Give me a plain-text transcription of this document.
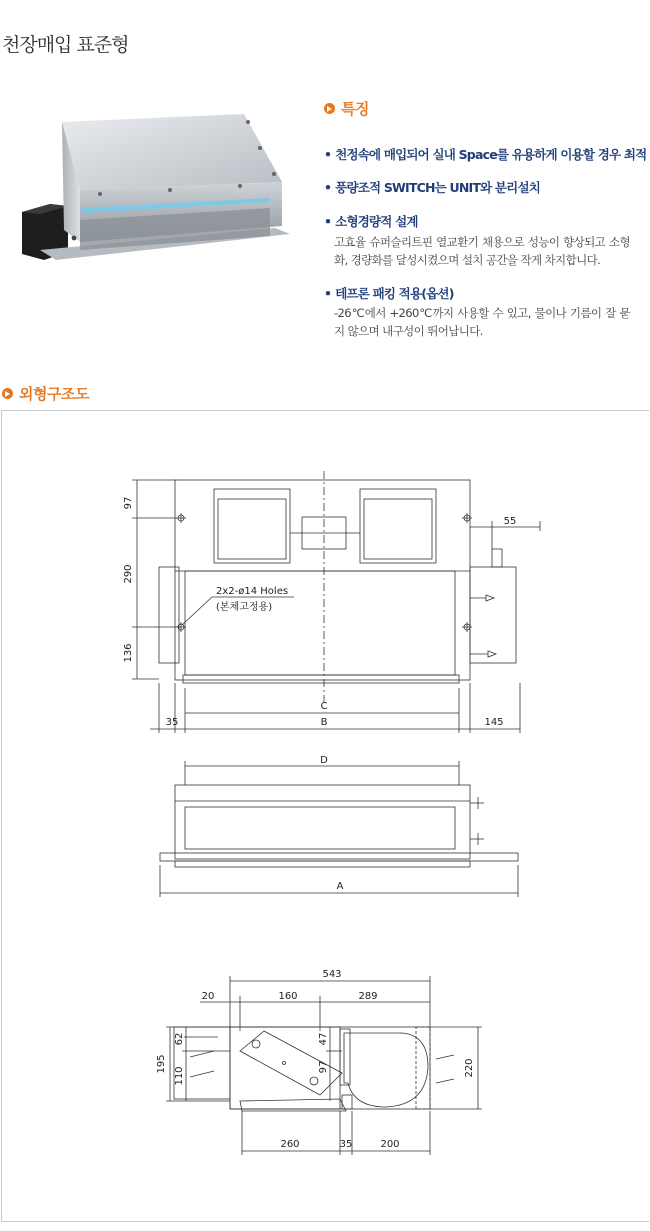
천장매입 표준형
특징
• 천정속에 매입되어 실내 Space를 유용하게 이용할 경우 최적
• 풍량조적 SWITCH는 UNIT와 분리설치
• 소형경량적 설계
고효율 슈퍼슬리트핀 열교환기 채용으로 성능이 향상되고 소형화, 경량화를 달성시켰으며 설치 공간을 작게 차지합니다.
• 테프론 패킹 적용(옵션)
-26℃에서 +260℃까지 사용할 수 있고, 물이나 기름이 잘 묻지 않으며 내구성이 뛰어납니다.
외형구조도
97
290
136
55
2x2-ø14 Holes
(본체고정용)
C
B
35	145
D
A
543
20	160	289
195
62
110
47
97	220
260	35	200
